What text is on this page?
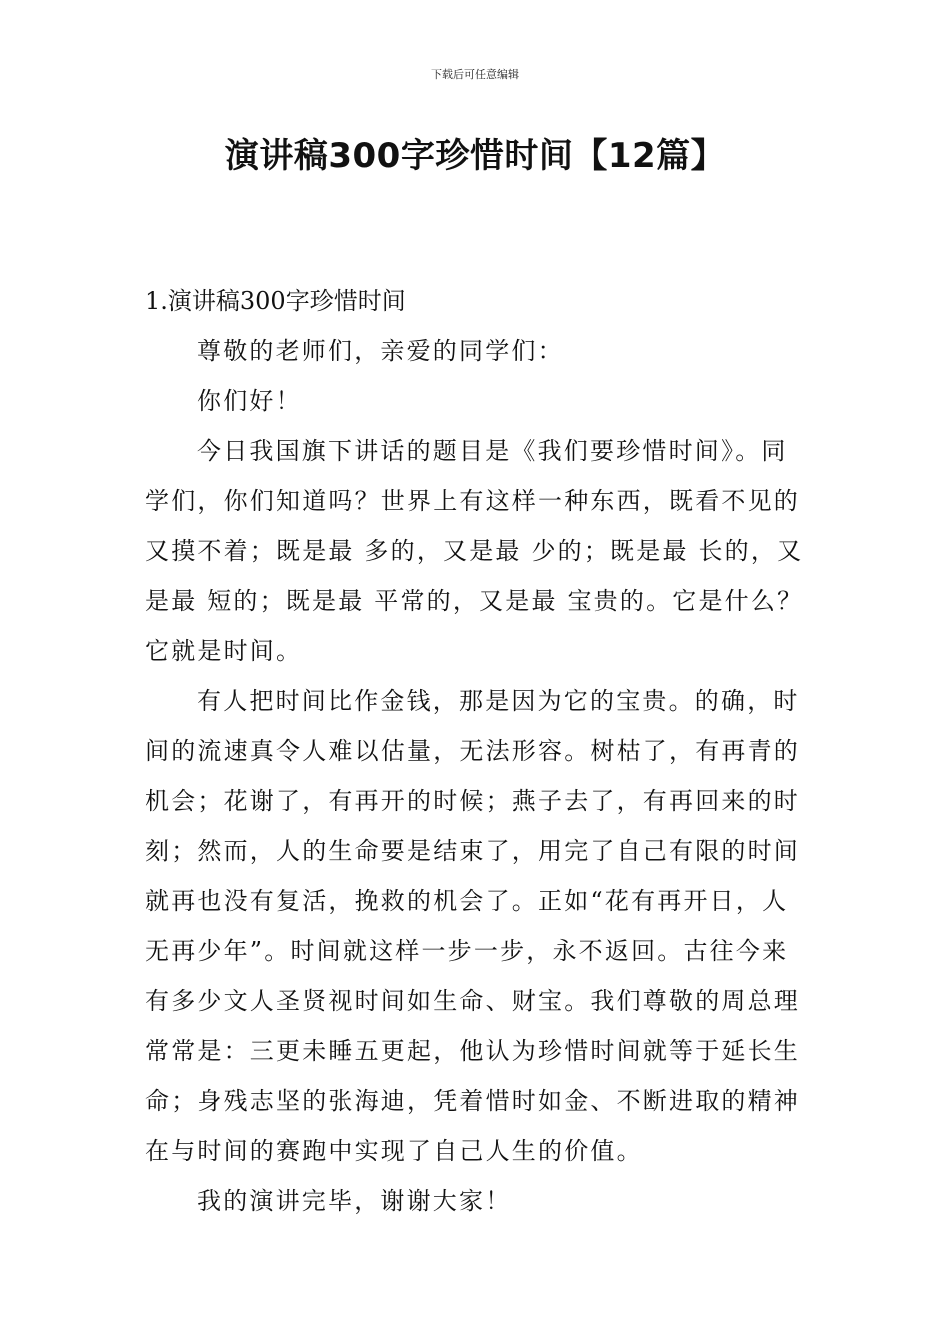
下载后可任意编辑
演讲稿300字珍惜时间【12篇】

1.演讲稿300字珍惜时间

尊敬的老师们，亲爱的同学们：

你们好！

今日我国旗下讲话的题目是《我们要珍惜时间》。同
学们，你们知道吗？世界上有这样一种东西，既看不见的
又摸不着；既是最 多的，又是最 少的；既是最 长的，又
是最 短的；既是最 平常的，又是最 宝贵的。它是什么？
它就是时间。

有人把时间比作金钱，那是因为它的宝贵。的确，时
间的流速真令人难以估量，无法形容。树枯了，有再青的
机会；花谢了，有再开的时候；燕子去了，有再回来的时
刻；然而，人的生命要是结束了，用完了自己有限的时间
就再也没有复活，挽救的机会了。正如“花有再开日，人
无再少年”。时间就这样一步一步，永不返回。古往今来
有多少文人圣贤视时间如生命、财宝。我们尊敬的周总理
常常是：三更未睡五更起，他认为珍惜时间就等于延长生
命；身残志坚的张海迪，凭着惜时如金、不断进取的精神
在与时间的赛跑中实现了自己人生的价值。

我的演讲完毕，谢谢大家！
